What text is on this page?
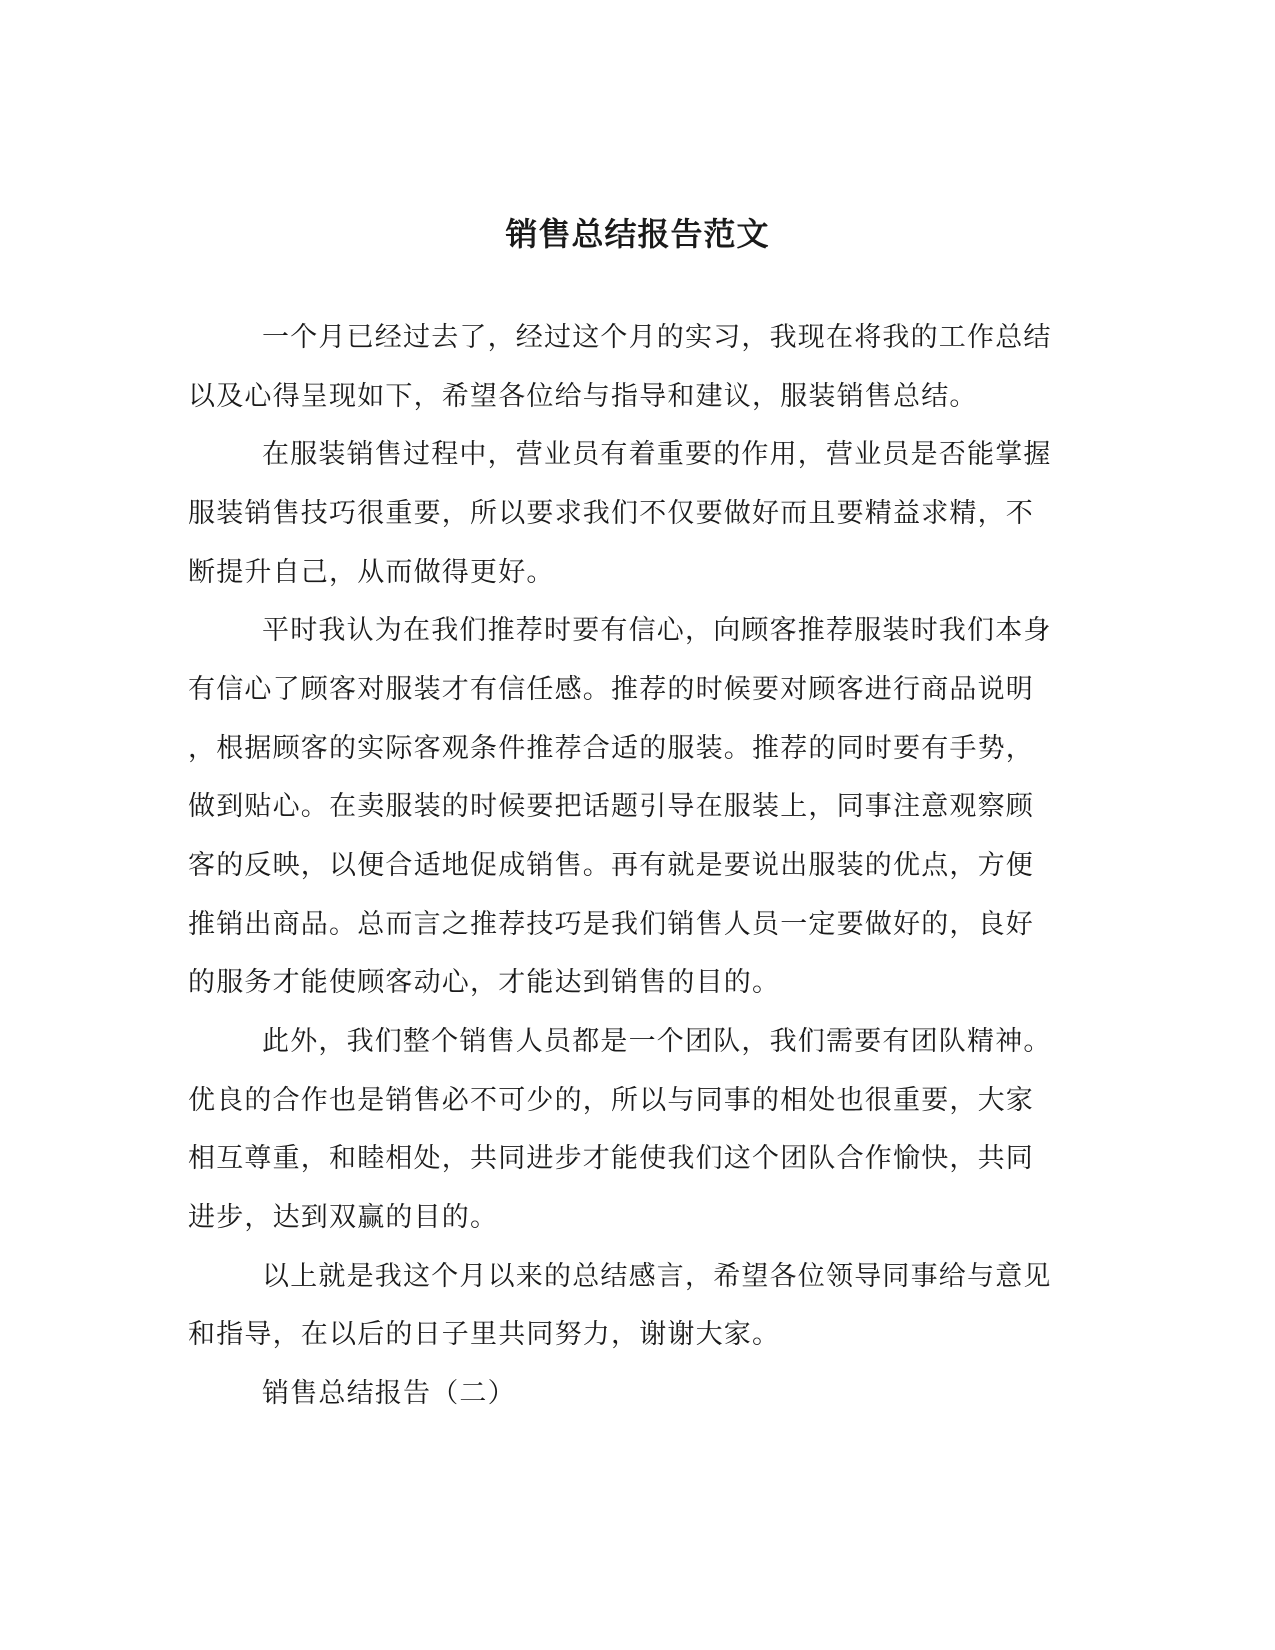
销售总结报告范文
一个月已经过去了，经过这个月的实习，我现在将我的工作总结
以及心得呈现如下，希望各位给与指导和建议，服装销售总结。
在服装销售过程中，营业员有着重要的作用，营业员是否能掌握
服装销售技巧很重要，所以要求我们不仅要做好而且要精益求精，不
断提升自己，从而做得更好。
平时我认为在我们推荐时要有信心，向顾客推荐服装时我们本身
有信心了顾客对服装才有信任感。推荐的时候要对顾客进行商品说明
，根据顾客的实际客观条件推荐合适的服装。推荐的同时要有手势，
做到贴心。在卖服装的时候要把话题引导在服装上，同事注意观察顾
客的反映，以便合适地促成销售。再有就是要说出服装的优点，方便
推销出商品。总而言之推荐技巧是我们销售人员一定要做好的，良好
的服务才能使顾客动心，才能达到销售的目的。
此外，我们整个销售人员都是一个团队，我们需要有团队精神。
优良的合作也是销售必不可少的，所以与同事的相处也很重要，大家
相互尊重，和睦相处，共同进步才能使我们这个团队合作愉快，共同
进步，达到双赢的目的。
以上就是我这个月以来的总结感言，希望各位领导同事给与意见
和指导，在以后的日子里共同努力，谢谢大家。
销售总结报告（二）
